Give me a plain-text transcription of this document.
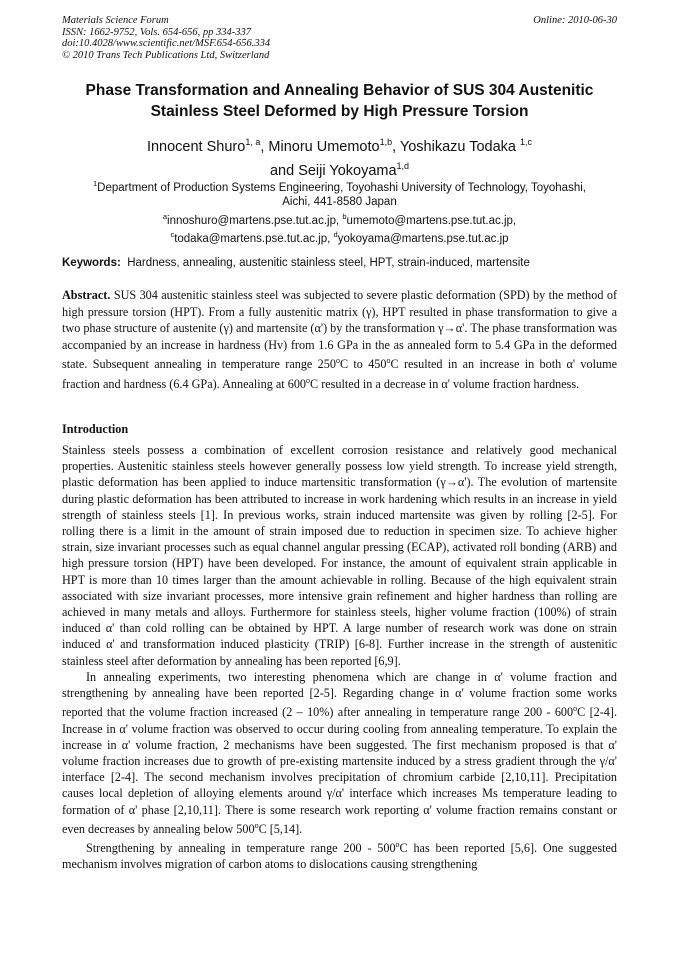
Materials Science Forum
ISSN: 1662-9752, Vols. 654-656, pp 334-337
doi:10.4028/www.scientific.net/MSF.654-656.334
© 2010 Trans Tech Publications Ltd, Switzerland
Online: 2010-06-30
Phase Transformation and Annealing Behavior of SUS 304 Austenitic
Stainless Steel Deformed by High Pressure Torsion
Innocent Shuro$^{1, a}$, Minoru Umemoto$^{1,b}$, Yoshikazu Todaka $^{1,c}$
and Seiji Yokoyama$^{1,d}$
$^1$Department of Production Systems Engineering, Toyohashi University of Technology, Toyohashi,
Aichi, 441-8580 Japan
$^a$innoshuro@martens.pse.tut.ac.jp, $^b$umemoto@martens.pse.tut.ac.jp,
$^c$todaka@martens.pse.tut.ac.jp, $^d$yokoyama@martens.pse.tut.ac.jp
Keywords: Hardness, annealing, austenitic stainless steel, HPT, strain-induced, martensite
Abstract. SUS 304 austenitic stainless steel was subjected to severe plastic deformation (SPD) by the method of high pressure torsion (HPT). From a fully austenitic matrix (γ), HPT resulted in phase transformation to give a two phase structure of austenite (γ) and martensite (α') by the transformation γ→α'. The phase transformation was accompanied by an increase in hardness (Hv) from 1.6 GPa in the as annealed form to 5.4 GPa in the deformed state. Subsequent annealing in temperature range 250$^o$C to 450$^o$C resulted in an increase in both α' volume fraction and hardness (6.4 GPa). Annealing at 600$^o$C resulted in a decrease in α' volume fraction hardness.
Introduction

Stainless steels possess a combination of excellent corrosion resistance and relatively good mechanical properties. Austenitic stainless steels however generally possess low yield strength. To increase yield strength, plastic deformation has been applied to induce martensitic transformation (γ→α'). The evolution of martensite during plastic deformation has been attributed to increase in work hardening which results in an increase in yield strength of stainless steels [1]. In previous works, strain induced martensite was given by rolling [2-5]. For rolling there is a limit in the amount of strain imposed due to reduction in specimen size. To achieve higher strain, size invariant processes such as equal channel angular pressing (ECAP), activated roll bonding (ARB) and high pressure torsion (HPT) have been developed. For instance, the amount of equivalent strain applicable in HPT is more than 10 times larger than the amount achievable in rolling. Because of the high equivalent strain associated with size invariant processes, more intensive grain refinement and higher hardness than rolling are achieved in many metals and alloys. Furthermore for stainless steels, higher volume fraction (100%) of strain induced α' than cold rolling can be obtained by HPT. A large number of research work was done on strain induced α' and transformation induced plasticity (TRIP) [6-8]. Further increase in the strength of austenitic stainless steel after deformation by annealing has been reported [6,9].

In annealing experiments, two interesting phenomena which are change in α' volume fraction and strengthening by annealing have been reported [2-5]. Regarding change in α' volume fraction some works reported that the volume fraction increased (2 – 10%) after annealing in temperature range 200 - 600$^o$C [2-4]. Increase in α' volume fraction was observed to occur during cooling from annealing temperature. To explain the increase in α' volume fraction, 2 mechanisms have been suggested. The first mechanism proposed is that α' volume fraction increases due to growth of pre-existing martensite induced by a stress gradient through the γ/α' interface [2-4]. The second mechanism involves precipitation of chromium carbide [2,10,11]. Precipitation causes local depletion of alloying elements around γ/α' interface which increases Ms temperature leading to formation of α' phase [2,10,11]. There is some research work reporting α' volume fraction remains constant or even decreases by annealing below 500$^o$C [5,14].

Strengthening by annealing in temperature range 200 - 500$^o$C has been reported [5,6]. One suggested mechanism involves migration of carbon atoms to dislocations causing strengthening
